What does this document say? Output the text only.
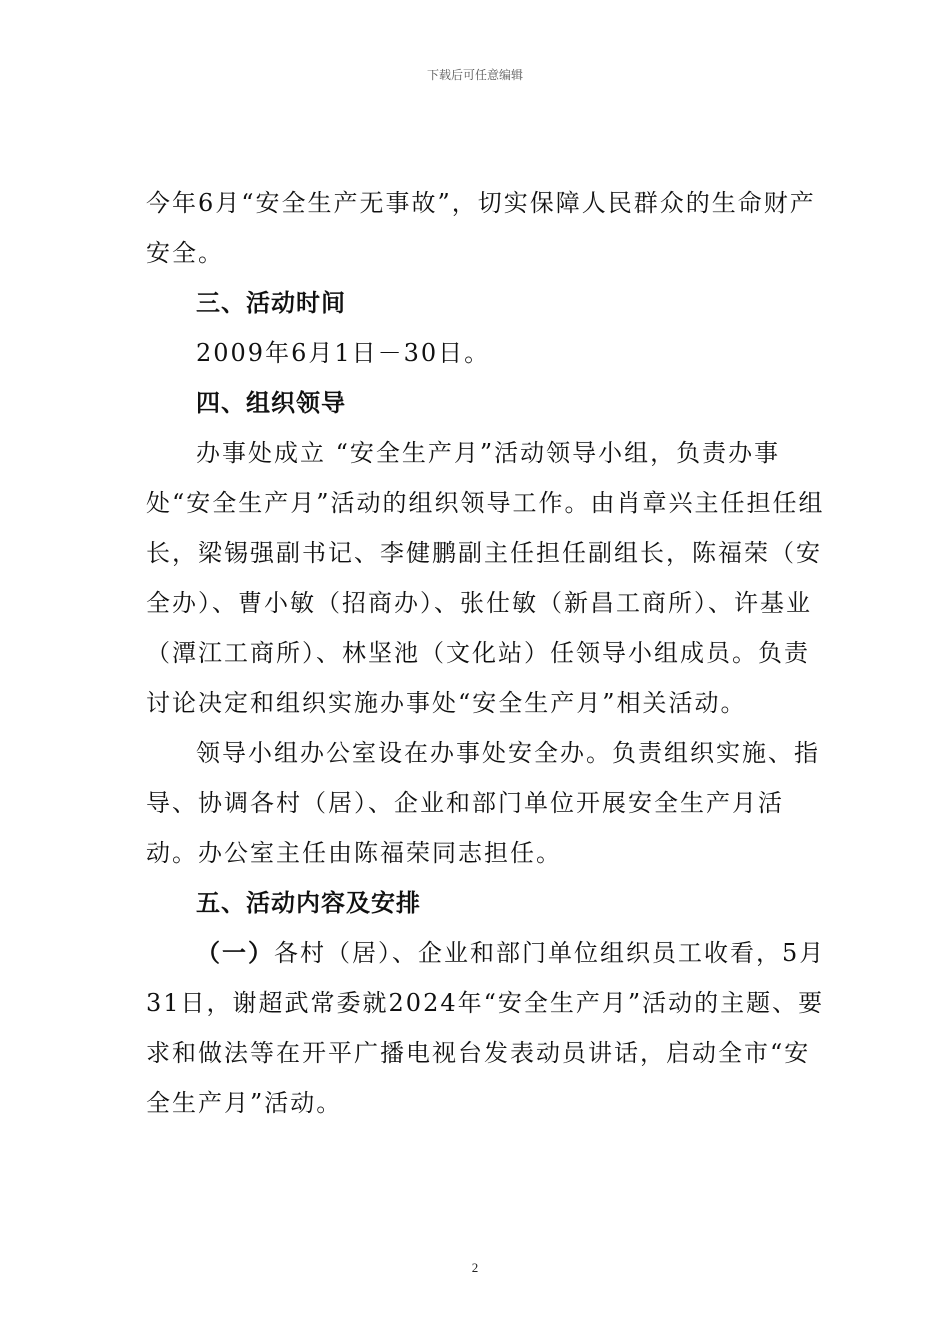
下载后可任意编辑

今年6月“安全生产无事故”，切实保障人民群众的生命财产安全。

三、活动时间

2009年6月1日－30日。

四、组织领导

办事处成立 “安全生产月”活动领导小组，负责办事处“安全生产月”活动的组织领导工作。由肖章兴主任担任组长，梁锡强副书记、李健鹏副主任担任副组长，陈福荣（安全办）、曹小敏（招商办）、张仕敏（新昌工商所）、许基业（潭江工商所）、林坚池（文化站）任领导小组成员。负责讨论决定和组织实施办事处“安全生产月”相关活动。

领导小组办公室设在办事处安全办。负责组织实施、指导、协调各村（居）、企业和部门单位开展安全生产月活动。办公室主任由陈福荣同志担任。

五、活动内容及安排

（一）各村（居）、企业和部门单位组织员工收看，5月31日，谢超武常委就2024年“安全生产月”活动的主题、要求和做法等在开平广播电视台发表动员讲话，启动全市“安全生产月”活动。

2
